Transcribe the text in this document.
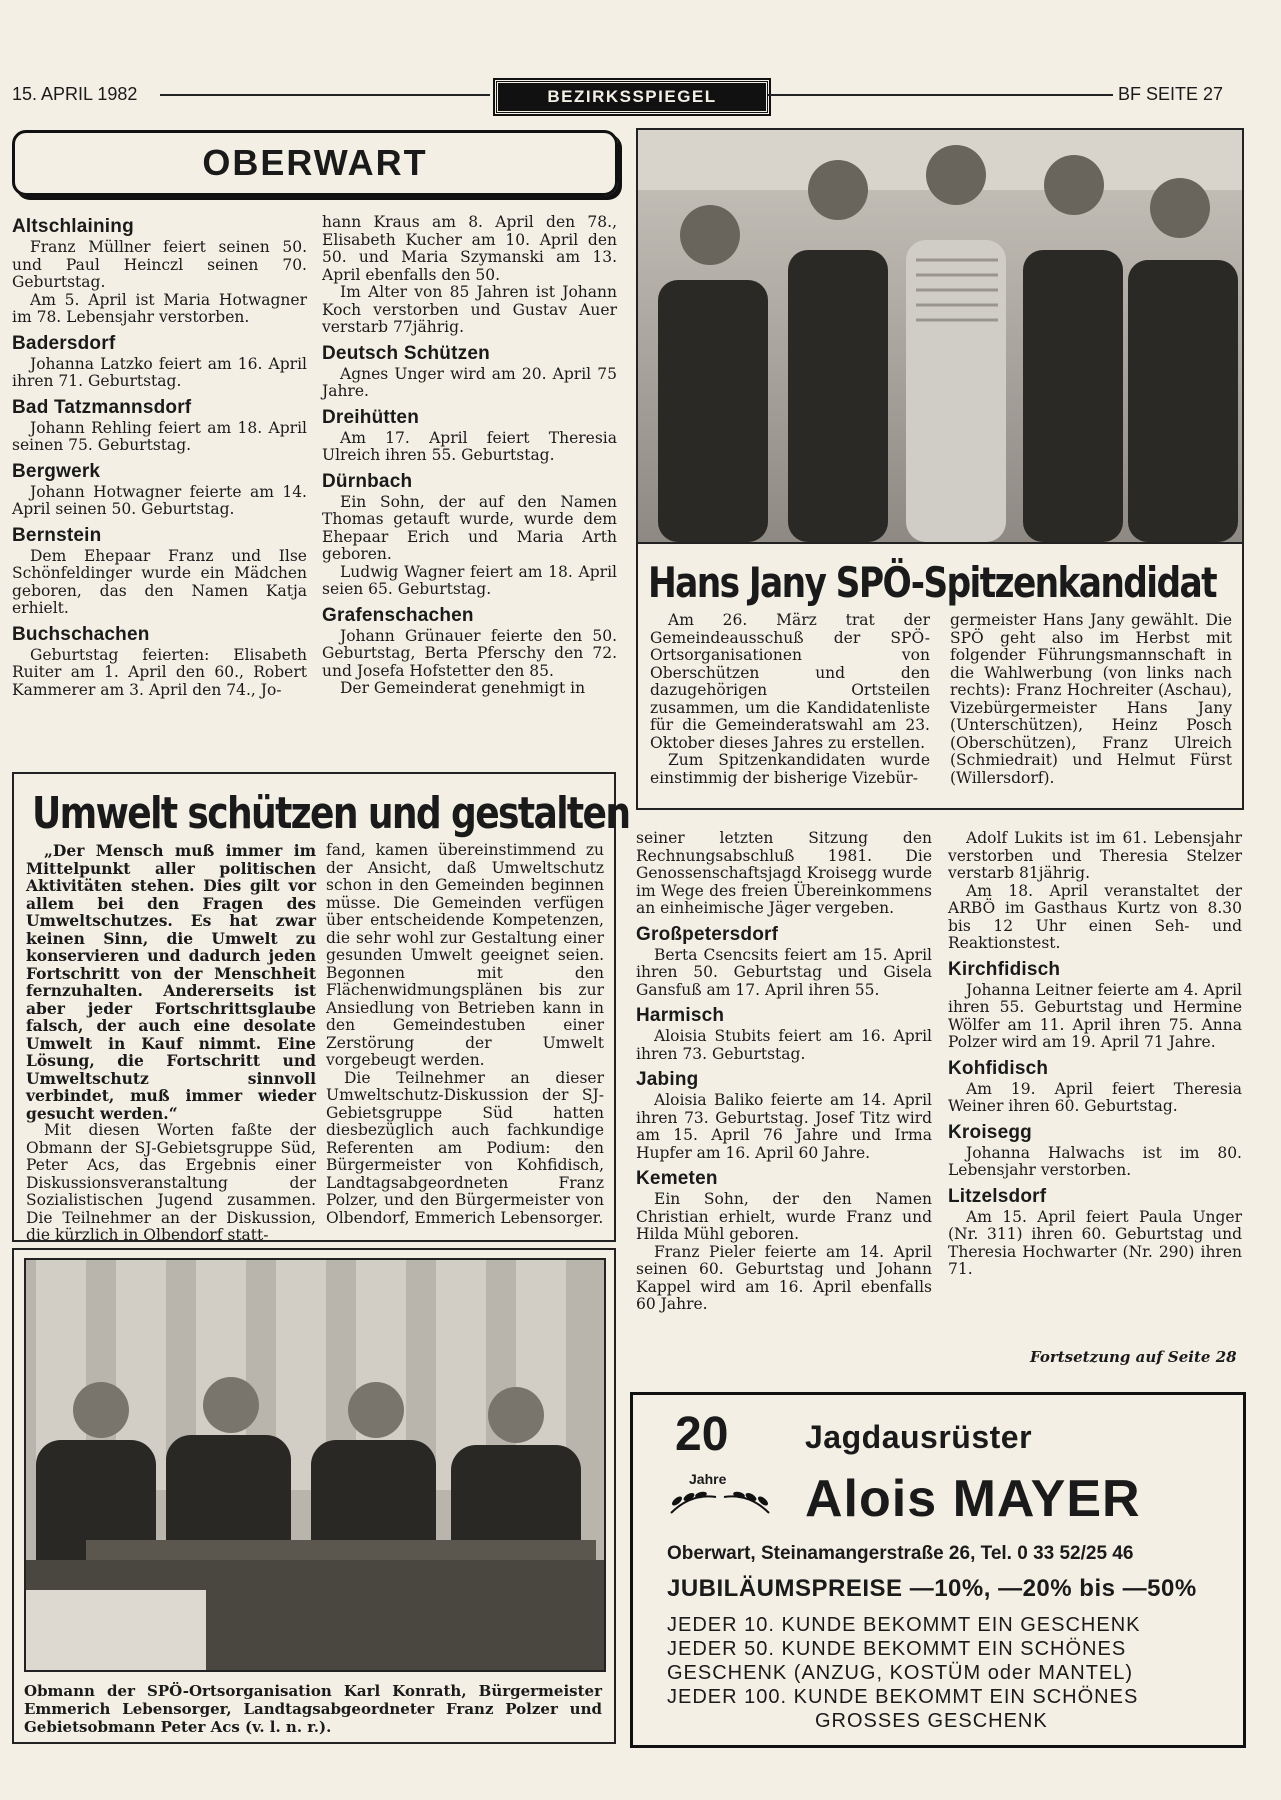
15. APRIL 1982	BEZIRKSSPIEGEL	BF SEITE 27
OBERWART
Altschlaining

Franz Müllner feiert seinen 50. und Paul Heinczl seinen 70. Geburtstag.

Am 5. April ist Maria Hotwagner im 78. Lebensjahr verstorben.

Badersdorf

Johanna Latzko feiert am 16. April ihren 71. Geburtstag.

Bad Tatzmannsdorf

Johann Rehling feiert am 18. April seinen 75. Geburtstag.

Bergwerk

Johann Hotwagner feierte am 14. April seinen 50. Geburtstag.

Bernstein

Dem Ehepaar Franz und Ilse Schönfeldinger wurde ein Mädchen geboren, das den Namen Katja erhielt.

Buchschachen

Geburtstag feierten: Elisabeth Ruiter am 1. April den 60., Robert Kammerer am 3. April den 74., Jo-

hann Kraus am 8. April den 78., Elisabeth Kucher am 10. April den 50. und Maria Szymanski am 13. April ebenfalls den 50.

Im Alter von 85 Jahren ist Johann Koch verstorben und Gustav Auer verstarb 77jährig.

Deutsch Schützen

Agnes Unger wird am 20. April 75 Jahre.

Dreihütten

Am 17. April feiert Theresia Ulreich ihren 55. Geburtstag.

Dürnbach

Ein Sohn, der auf den Namen Thomas getauft wurde, wurde dem Ehepaar Erich und Maria Arth geboren.

Ludwig Wagner feiert am 18. April seien 65. Geburtstag.

Grafenschachen

Johann Grünauer feierte den 50. Geburtstag, Berta Pferschy den 72. und Josefa Hofstetter den 85.

Der Gemeinderat genehmigt in

Hans Jany SPÖ-Spitzenkandidat

Am 26. März trat der Gemeindeausschuß der SPÖ-Ortsorganisationen von Oberschützen und den dazugehörigen Ortsteilen zusammen, um die Kandidatenliste für die Gemeinderatswahl am 23. Oktober dieses Jahres zu erstellen.

Zum Spitzenkandidaten wurde einstimmig der bisherige Vizebür-

germeister Hans Jany gewählt. Die SPÖ geht also im Herbst mit folgender Führungsmannschaft in die Wahlwerbung (von links nach rechts): Franz Hochreiter (Aschau), Vizebürgermeister Hans Jany (Unterschützen), Heinz Posch (Oberschützen), Franz Ulreich (Schmiedrait) und Helmut Fürst (Willersdorf).

Umwelt schützen und gestalten

„Der Mensch muß immer im Mittelpunkt aller politischen Aktivitäten stehen. Dies gilt vor allem bei den Fragen des Umweltschutzes. Es hat zwar keinen Sinn, die Umwelt zu konservieren und dadurch jeden Fortschritt von der Menschheit fernzuhalten. Andererseits ist aber jeder Fortschrittsglaube falsch, der auch eine desolate Umwelt in Kauf nimmt. Eine Lösung, die Fortschritt und Umweltschutz sinnvoll verbindet, muß immer wieder gesucht werden.“

Mit diesen Worten faßte der Obmann der SJ-Gebietsgruppe Süd, Peter Acs, das Ergebnis einer Diskussionsveranstaltung der Sozialistischen Jugend zusammen. Die Teilnehmer an der Diskussion, die kürzlich in Olbendorf statt-

fand, kamen übereinstimmend zu der Ansicht, daß Umweltschutz schon in den Gemeinden beginnen müsse. Die Gemeinden verfügen über entscheidende Kompetenzen, die sehr wohl zur Gestaltung einer gesunden Umwelt geeignet seien. Begonnen mit den Flächenwidmungsplänen bis zur Ansiedlung von Betrieben kann in den Gemeindestuben einer Zerstörung der Umwelt vorgebeugt werden.

Die Teilnehmer an dieser Umweltschutz-Diskussion der SJ-Gebietsgruppe Süd hatten diesbezüglich auch fachkundige Referenten am Podium: den Bürgermeister von Kohfidisch, Landtagsabgeordneten Franz Polzer, und den Bürgermeister von Olbendorf, Emmerich Lebensorger.

Obmann der SPÖ-Ortsorganisation Karl Konrath, Bürgermeister Emmerich Lebensorger, Landtagsabgeordneter Franz Polzer und Gebietsobmann Peter Acs (v. l. n. r.).

seiner letzten Sitzung den Rechnungsabschluß 1981. Die Genossenschaftsjagd Kroisegg wurde im Wege des freien Übereinkommens an einheimische Jäger vergeben.

Großpetersdorf

Berta Csencsits feiert am 15. April ihren 50. Geburtstag und Gisela Gansfuß am 17. April ihren 55.

Harmisch

Aloisia Stubits feiert am 16. April ihren 73. Geburtstag.

Jabing

Aloisia Baliko feierte am 14. April ihren 73. Geburtstag. Josef Titz wird am 15. April 76 Jahre und Irma Hupfer am 16. April 60 Jahre.

Kemeten

Ein Sohn, der den Namen Christian erhielt, wurde Franz und Hilda Mühl geboren.

Franz Pieler feierte am 14. April seinen 60. Geburtstag und Johann Kappel wird am 16. April ebenfalls 60 Jahre.

Adolf Lukits ist im 61. Lebensjahr verstorben und Theresia Stelzer verstarb 81jährig.

Am 18. April veranstaltet der ARBÖ im Gasthaus Kurtz von 8.30 bis 12 Uhr einen Seh- und Reaktionstest.

Kirchfidisch

Johanna Leitner feierte am 4. April ihren 55. Geburtstag und Hermine Wölfer am 11. April ihren 75. Anna Polzer wird am 19. April 71 Jahre.

Kohfidisch

Am 19. April feiert Theresia Weiner ihren 60. Geburtstag.

Kroisegg

Johanna Halwachs ist im 80. Lebensjahr verstorben.

Litzelsdorf

Am 15. April feiert Paula Unger (Nr. 311) ihren 60. Geburtstag und Theresia Hochwarter (Nr. 290) ihren 71.

Fortsetzung auf Seite 28
20
Jahre
Jagdausrüster
Alois MAYER
Oberwart, Steinamangerstraße 26, Tel. 0 33 52/25 46
JUBILÄUMSPREISE —10%, —20% bis —50%
JEDER 10. KUNDE BEKOMMT EIN GESCHENK
JEDER 50. KUNDE BEKOMMT EIN SCHÖNES
GESCHENK (ANZUG, KOSTÜM oder MANTEL)
JEDER 100. KUNDE BEKOMMT EIN SCHÖNES
GROSSES GESCHENK
